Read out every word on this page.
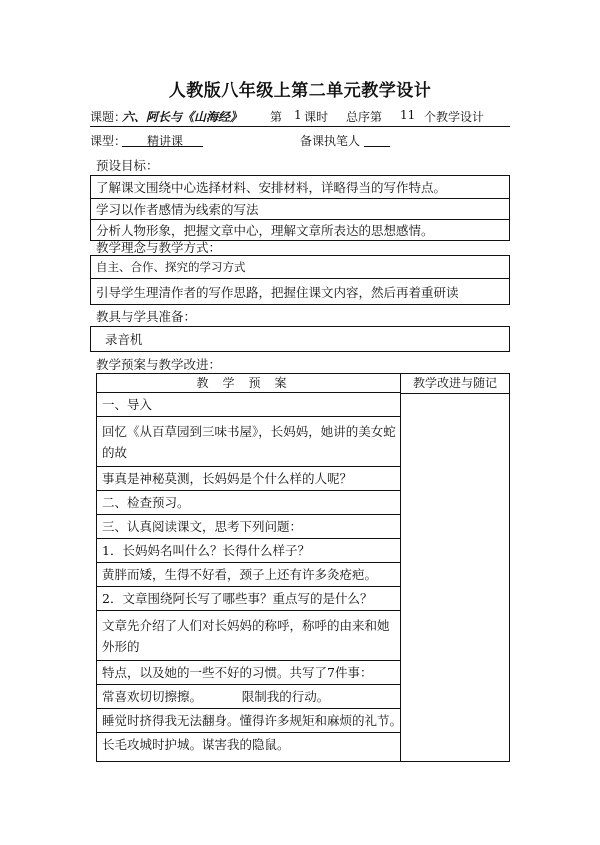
人教版八年级上第二单元教学设计
课题：
六、阿长与《山海经》 第 1 课时 总序第 11 个教学设计
课型：	精讲课	备课执笔人
预设目标：
了解课文围绕中心选择材料、安排材料，详略得当的写作特点。
学习以作者感情为线索的写法
分析人物形象，把握文章中心，理解文章所表达的思想感情。
教学理念与教学方式：
自主、合作、探究的学习方式
引导学生理清作者的写作思路，把握住课文内容，然后再着重研读
教具与学具准备：
录音机
教学预案与教学改进：
教学预案
一、导入
回忆《从百草园到三味书屋》，长妈妈，她讲的美女蛇的故
事真是神秘莫测，长妈妈是个什么样的人呢？
二、检查预习。
三、认真阅读课文，思考下列问题：
1．长妈妈名叫什么？长得什么样子？
黄胖而矮，生得不好看，颈子上还有许多灸疮疤。
2．文章围绕阿长写了哪些事？重点写的是什么？
文章先介绍了人们对长妈妈的称呼，称呼的由来和她外形的
特点，以及她的一些不好的习惯。共写了7件事：
常喜欢切切擦擦。          限制我的行动。
睡觉时挤得我无法翻身。懂得许多规矩和麻烦的礼节。
长毛攻城时护城。谋害我的隐鼠。
教学改进与随记
